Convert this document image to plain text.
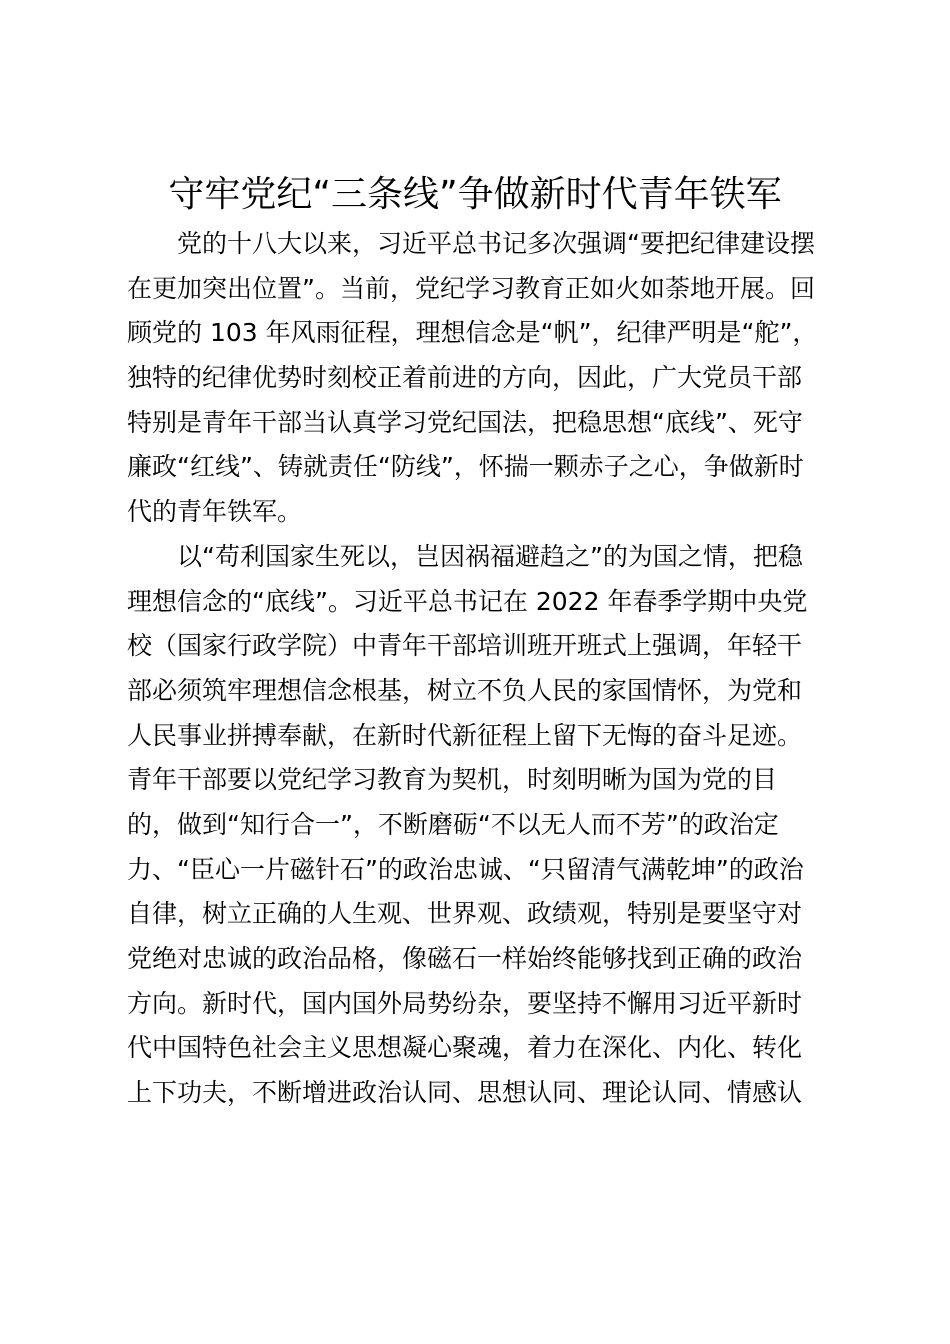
守牢党纪“三条线”争做新时代青年铁军
党的十八大以来，习近平总书记多次强调“要把纪律建设摆
在更加突出位置”。当前，党纪学习教育正如火如荼地开展。回
顾党的 103 年风雨征程，理想信念是“帆”，纪律严明是“舵”，
独特的纪律优势时刻校正着前进的方向，因此，广大党员干部
特别是青年干部当认真学习党纪国法，把稳思想“底线”、死守
廉政“红线”、铸就责任“防线”，怀揣一颗赤子之心，争做新时
代的青年铁军。
以“苟利国家生死以，岂因祸福避趋之”的为国之情，把稳
理想信念的“底线”。习近平总书记在 2022 年春季学期中央党
校（国家行政学院）中青年干部培训班开班式上强调，年轻干
部必须筑牢理想信念根基，树立不负人民的家国情怀，为党和
人民事业拼搏奉献，在新时代新征程上留下无悔的奋斗足迹。
青年干部要以党纪学习教育为契机，时刻明晰为国为党的目
的，做到“知行合一”，不断磨砺“不以无人而不芳”的政治定
力、“臣心一片磁针石”的政治忠诚、“只留清气满乾坤”的政治
自律，树立正确的人生观、世界观、政绩观，特别是要坚守对
党绝对忠诚的政治品格，像磁石一样始终能够找到正确的政治
方向。新时代，国内国外局势纷杂，要坚持不懈用习近平新时
代中国特色社会主义思想凝心聚魂，着力在深化、内化、转化
上下功夫，不断增进政治认同、思想认同、理论认同、情感认
